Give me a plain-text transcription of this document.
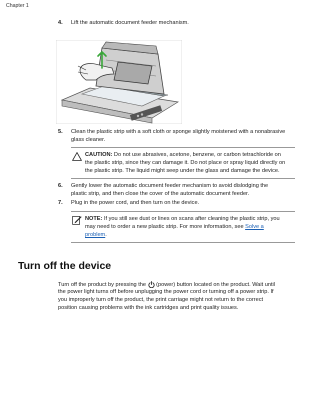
Chapter 1
4. Lift the automatic document feeder mechanism.
5. Clean the plastic strip with a soft cloth or sponge slightly moistened with a nonabrasive
glass cleaner.
CAUTION: Do not use abrasives, acetone, benzene, or carbon tetrachloride on
the plastic strip, since they can damage it. Do not place or spray liquid directly on
the plastic strip. The liquid might seep under the glass and damage the device.
6. Gently lower the automatic document feeder mechanism to avoid dislodging the
plastic strip, and then close the cover of the automatic document feeder.
7. Plug in the power cord, and then turn on the device.
NOTE: If you still see dust or lines on scans after cleaning the plastic strip, you
may need to order a new plastic strip. For more information, see Solve a
problem.
Turn off the device
Turn off the product by pressing the  (power) button located on the product. Wait until
the power light turns off before unplugging the power cord or turning off a power strip. If
you improperly turn off the product, the print carriage might not return to the correct
position causing problems with the ink cartridges and print quality issues.
